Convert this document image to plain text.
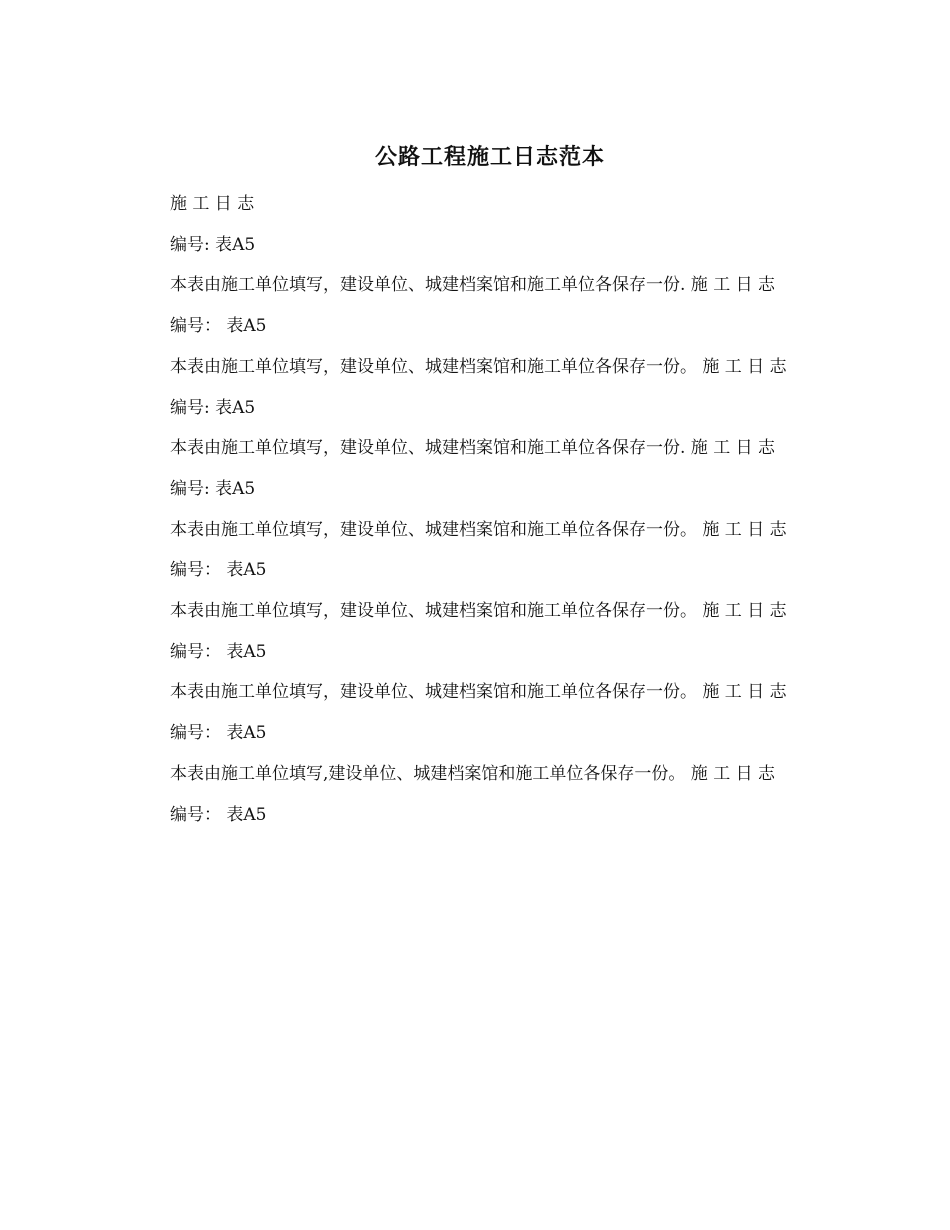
公路工程施工日志范本

施 工 日 志

编号: 表A5

本表由施工单位填写，建设单位、城建档案馆和施工单位各保存一份. 施 工 日 志

编号： 表A5

本表由施工单位填写，建设单位、城建档案馆和施工单位各保存一份。 施 工 日 志

编号: 表A5

本表由施工单位填写，建设单位、城建档案馆和施工单位各保存一份. 施 工 日 志

编号: 表A5

本表由施工单位填写，建设单位、城建档案馆和施工单位各保存一份。 施 工 日 志

编号： 表A5

本表由施工单位填写，建设单位、城建档案馆和施工单位各保存一份。 施 工 日 志

编号： 表A5

本表由施工单位填写，建设单位、城建档案馆和施工单位各保存一份。 施 工 日 志

编号： 表A5

本表由施工单位填写,建设单位、城建档案馆和施工单位各保存一份。 施 工 日 志

编号： 表A5
